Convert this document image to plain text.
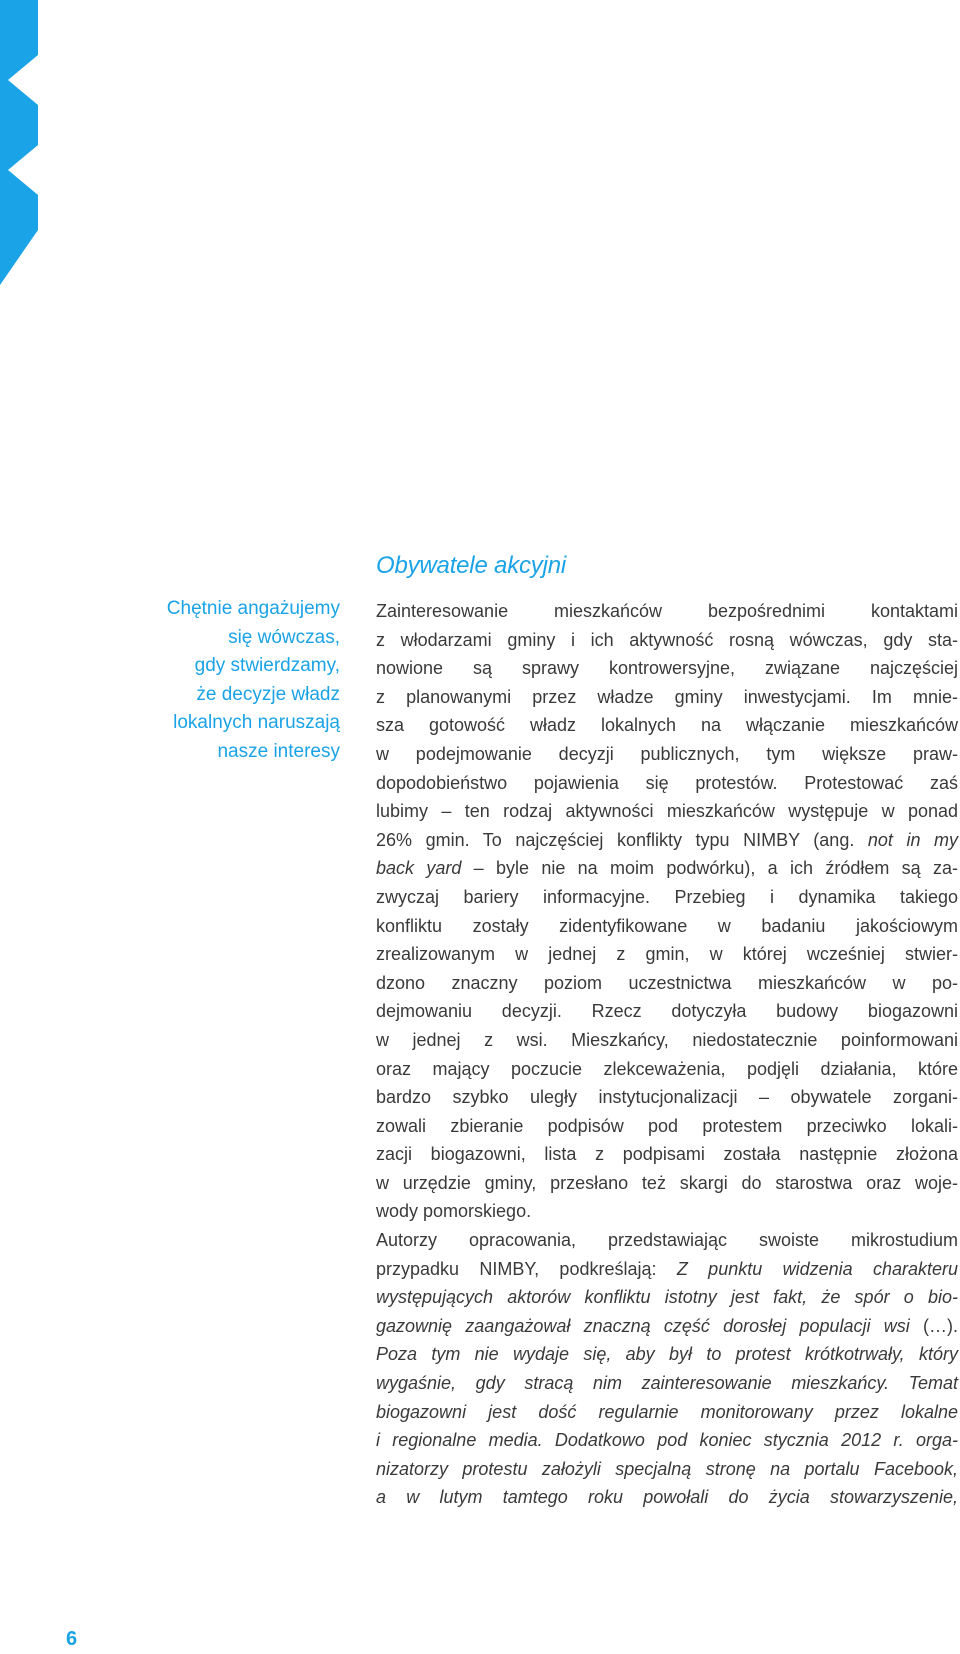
Obywatele akcyjni

Chętnie angażujemy
się wówczas,
gdy stwierdzamy,
że decyzje władz
lokalnych naruszają
nasze interesy

Zainteresowanie mieszkańców bezpośrednimi kontaktami
z włodarzami gminy i ich aktywność rosną wówczas, gdy sta-
nowione są sprawy kontrowersyjne, związane najczęściej
z planowanymi przez władze gminy inwestycjami. Im mnie-
sza gotowość władz lokalnych na włączanie mieszkańców
w podejmowanie decyzji publicznych, tym większe praw-
dopodobieństwo pojawienia się protestów. Protestować zaś
lubimy – ten rodzaj aktywności mieszkańców występuje w ponad
26% gmin. To najczęściej konflikty typu NIMBY (ang. not in my
back yard – byle nie na moim podwórku), a ich źródłem są za-
zwyczaj bariery informacyjne. Przebieg i dynamika takiego
konfliktu zostały zidentyfikowane w badaniu jakościowym
zrealizowanym w jednej z gmin, w której wcześniej stwier-
dzono znaczny poziom uczestnictwa mieszkańców w po-
dejmowaniu decyzji. Rzecz dotyczyła budowy biogazowni
w jednej z wsi. Mieszkańcy, niedostatecznie poinformowani
oraz mający poczucie zlekceważenia, podjęli działania, które
bardzo szybko uległy instytucjonalizacji – obywatele zorgani-
zowali zbieranie podpisów pod protestem przeciwko lokali-
zacji biogazowni, lista z podpisami została następnie złożona
w urzędzie gminy, przesłano też skargi do starostwa oraz woje-
wody pomorskiego.
Autorzy opracowania, przedstawiając swoiste mikrostudium
przypadku NIMBY, podkreślają: Z punktu widzenia charakteru
występujących aktorów konfliktu istotny jest fakt, że spór o bio-
gazownię zaangażował znaczną część dorosłej populacji wsi (…).
Poza tym nie wydaje się, aby był to protest krótkotrwały, który
wygaśnie, gdy stracą nim zainteresowanie mieszkańcy. Temat
biogazowni jest dość regularnie monitorowany przez lokalne
i regionalne media. Dodatkowo pod koniec stycznia 2012 r. orga-
nizatorzy protestu założyli specjalną stronę na portalu Facebook,
a w lutym tamtego roku powołali do życia stowarzyszenie,

6
